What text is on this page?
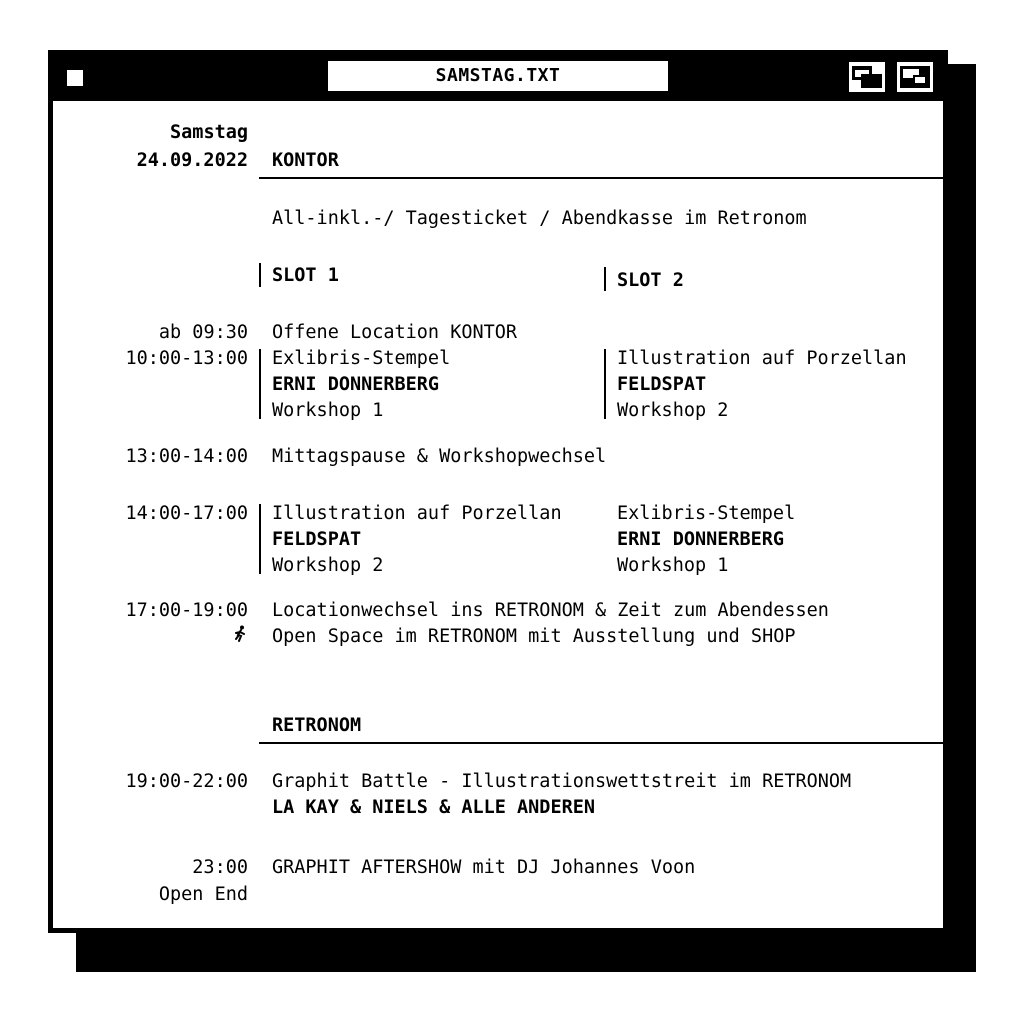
SAMSTAG.TXT
Samstag
24.09.2022 KONTOR
All-inkl.-/ Tagesticket / Abendkasse im Retronom
SLOT 1	SLOT 2
ab 09:30 Offene Location KONTOR
10:00-13:00 Exlibris-Stempel
ERNI DONNERBERG
Workshop 1
Illustration auf Porzellan
FELDSPAT
Workshop 2
13:00-14:00 Mittagspause & Workshopwechsel
14:00-17:00 Illustration auf Porzellan
FELDSPAT
Workshop 2
Exlibris-Stempel
ERNI DONNERBERG
Workshop 1
17:00-19:00 Locationwechsel ins RETRONOM & Zeit zum Abendessen
Open Space im RETRONOM mit Ausstellung und SHOP
RETRONOM
19:00-22:00 Graphit Battle - Illustrationswettstreit im RETRONOM
LA KAY & NIELS & ALLE ANDEREN
23:00
Open End
GRAPHIT AFTERSHOW mit DJ Johannes Voon
